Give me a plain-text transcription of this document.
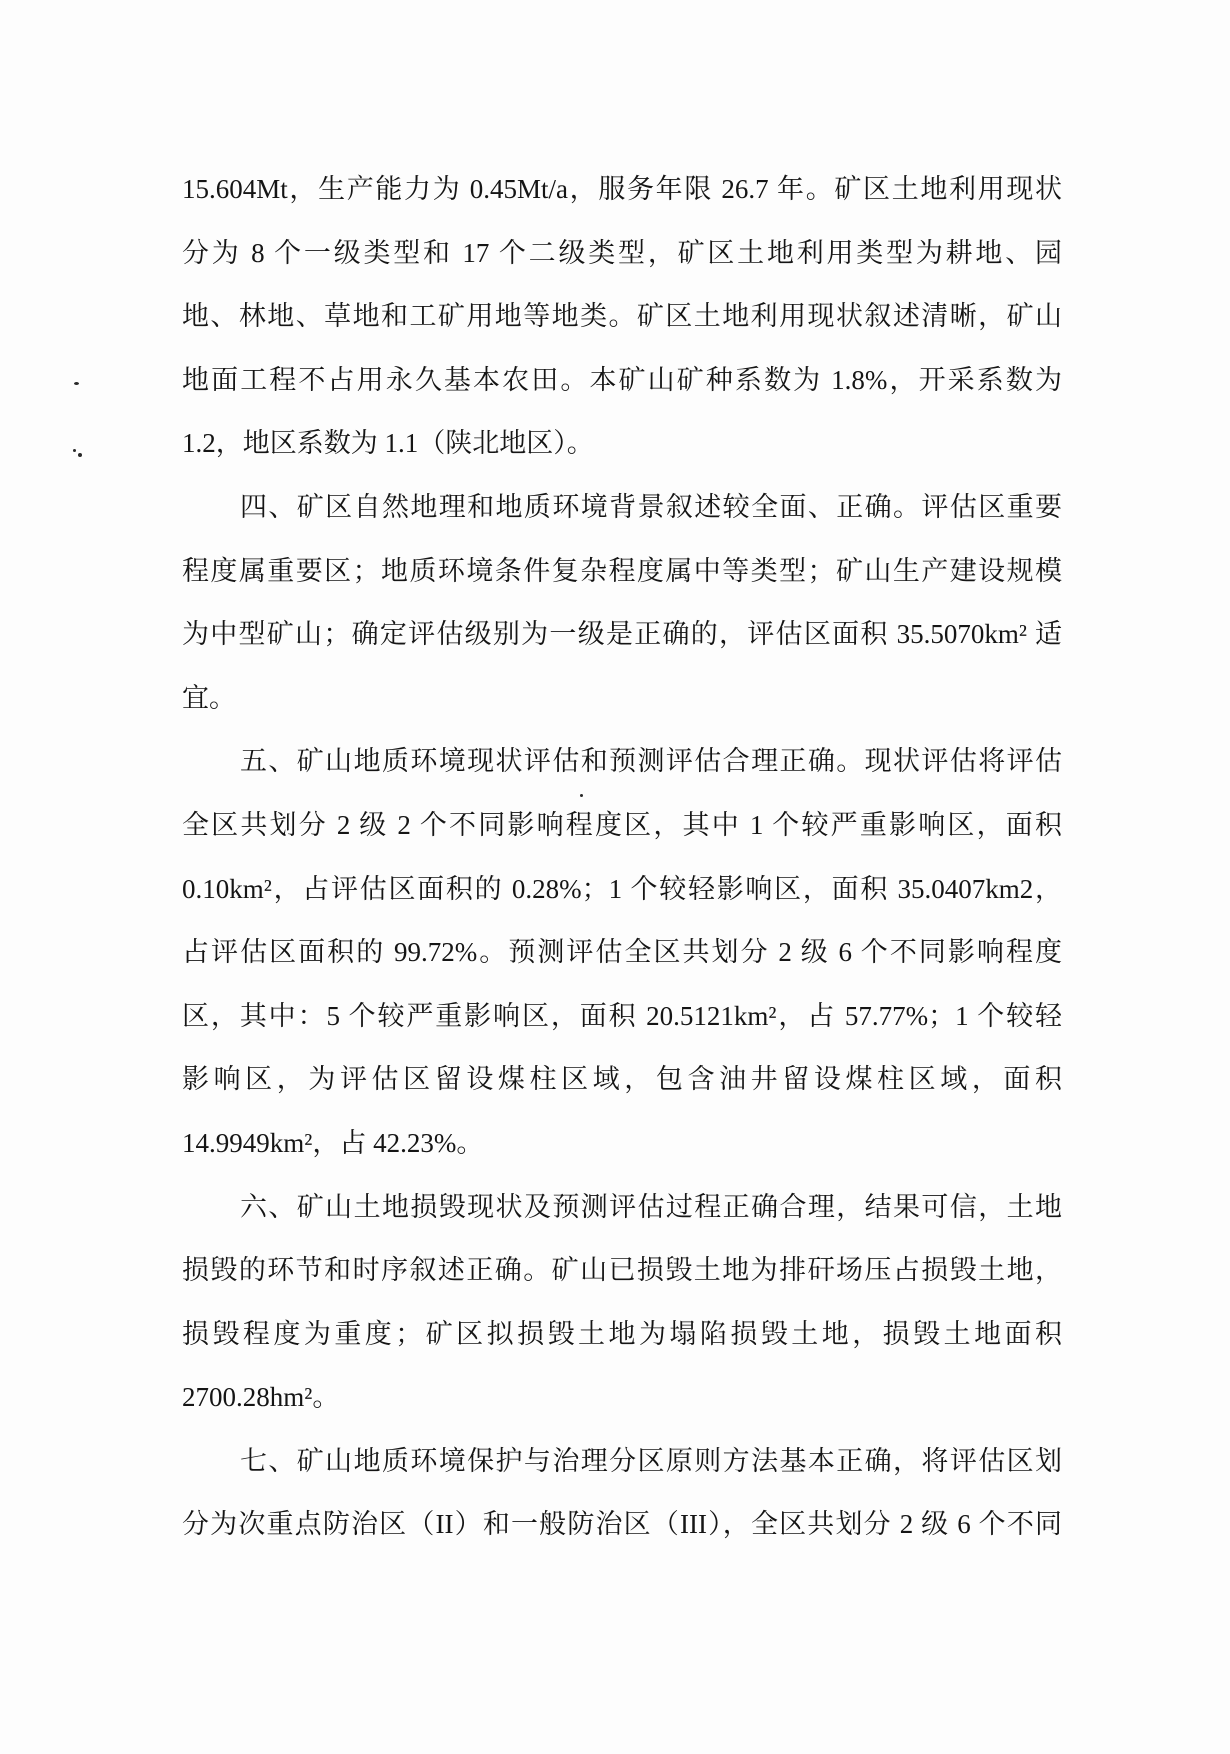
15.604Mt，生产能力为 0.45Mt/a，服务年限 26.7 年。矿区土地利用现状
分为 8 个一级类型和 17 个二级类型，矿区土地利用类型为耕地、园
地、林地、草地和工矿用地等地类。矿区土地利用现状叙述清晰，矿山
地面工程不占用永久基本农田。本矿山矿种系数为 1.8%，开采系数为
1.2，地区系数为 1.1（陕北地区）。
四、矿区自然地理和地质环境背景叙述较全面、正确。评估区重要
程度属重要区；地质环境条件复杂程度属中等类型；矿山生产建设规模
为中型矿山；确定评估级别为一级是正确的，评估区面积 35.5070km² 适
宜。
五、矿山地质环境现状评估和预测评估合理正确。现状评估将评估
全区共划分 2 级 2 个不同影响程度区，其中 1 个较严重影响区，面积
0.10km²，占评估区面积的 0.28%；1 个较轻影响区，面积 35.0407km2，
占评估区面积的 99.72%。预测评估全区共划分 2 级 6 个不同影响程度
区，其中：5 个较严重影响区，面积 20.5121km²，占 57.77%；1 个较轻
影响区，为评估区留设煤柱区域，包含油井留设煤柱区域，面积
14.9949km²，占 42.23%。
六、矿山土地损毁现状及预测评估过程正确合理，结果可信，土地
损毁的环节和时序叙述正确。矿山已损毁土地为排矸场压占损毁土地，
损毁程度为重度；矿区拟损毁土地为塌陷损毁土地，损毁土地面积
2700.28hm²。
七、矿山地质环境保护与治理分区原则方法基本正确，将评估区划
分为次重点防治区（II）和一般防治区（III），全区共划分 2 级 6 个不同
